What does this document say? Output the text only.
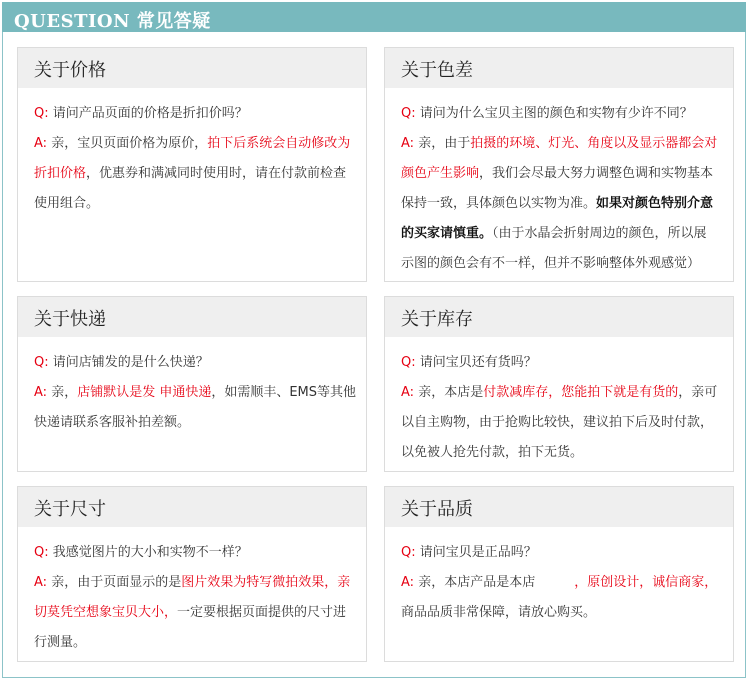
QUESTION 常见答疑
关于价格
Q: 请问产品页面的价格是折扣价吗？
A: 亲，宝贝页面价格为原价，拍下后系统会自动修改为
折扣价格，优惠券和满减同时使用时，请在付款前检查
使用组合。
关于色差
Q: 请问为什么宝贝主图的颜色和实物有少许不同？
A: 亲，由于拍摄的环境、灯光、角度以及显示器都会对
颜色产生影响，我们会尽最大努力调整色调和实物基本
保持一致，具体颜色以实物为准。如果对颜色特别介意
的买家请慎重。（由于水晶会折射周边的颜色，所以展
示图的颜色会有不一样，但并不影响整体外观感觉）
关于快递
Q: 请问店铺发的是什么快递？
A: 亲，店铺默认是发 申通快递，如需顺丰、EMS等其他
快递请联系客服补拍差额。
关于库存
Q: 请问宝贝还有货吗？
A: 亲，本店是付款减库存，您能拍下就是有货的，亲可
以自主购物，由于抢购比较快，建议拍下后及时付款，
以免被人抢先付款，拍下无货。
关于尺寸
Q: 我感觉图片的大小和实物不一样？
A: 亲，由于页面显示的是图片效果为特写微拍效果，亲
切莫凭空想象宝贝大小，一定要根据页面提供的尺寸进
行测量。
关于品质
Q: 请问宝贝是正品吗？
A: 亲，本店产品是本店　　　，原创设计，诚信商家，
商品品质非常保障，请放心购买。
